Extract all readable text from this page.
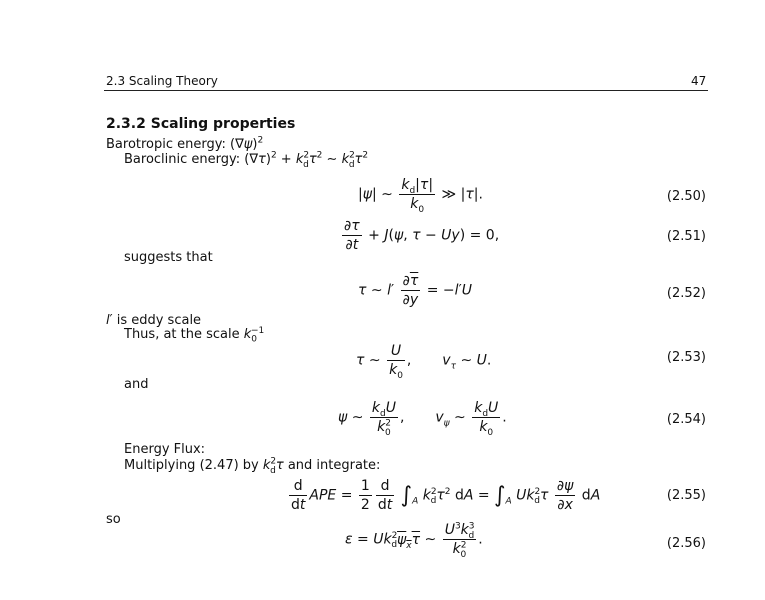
2.3 Scaling Theory	47
2.3.2 Scaling properties
Barotropic energy: $(\nabla\psi)^2$
Baroclinic energy: $(\nabla\tau)^2 + k^2_d\tau^2$ ∼ $k^2_d\tau^2$
|ψ| ∼ $\frac{k_d|\tau|}{k_0}$ ≫ |τ|.	(2.50)
$\frac{\partial\tau}{\partial t} + J(\psi$, τ − Uy) = 0,	(2.51)
suggests that
τ ∼ $l' \frac{\partial\overline{\tau}}{\partial y} = -l'U$	(2.52)
l′ is eddy scale
Thus, at the scale $k_0^{-1}$
τ ∼ $\frac{U}{k_0}$ ,  $v_\tau$ ∼ U.	(2.53)
and
ψ ∼ $\frac{k_dU}{k^2_0}$ ,  $v_\psi$ ∼ $\frac{k_dU}{k_0}$ .	(2.54)
Energy Flux:
Multiplying (2.47) by $k^2_d\tau$ and integrate:
$\frac{d}{dt}$ APE = $\frac{1}{2} \frac{d}{dt} \int_A$ $k^2_d\tau^2$ dA = $\int_A$ $Uk^2_d\tau \frac{\partial\psi}{\partial x}$ dA	(2.55)
so
$\varepsilon = Uk^2_d\psi_x\tau$ ∼ $\frac{U^3k^3_d}{k^2_0}$ .	(2.56)
